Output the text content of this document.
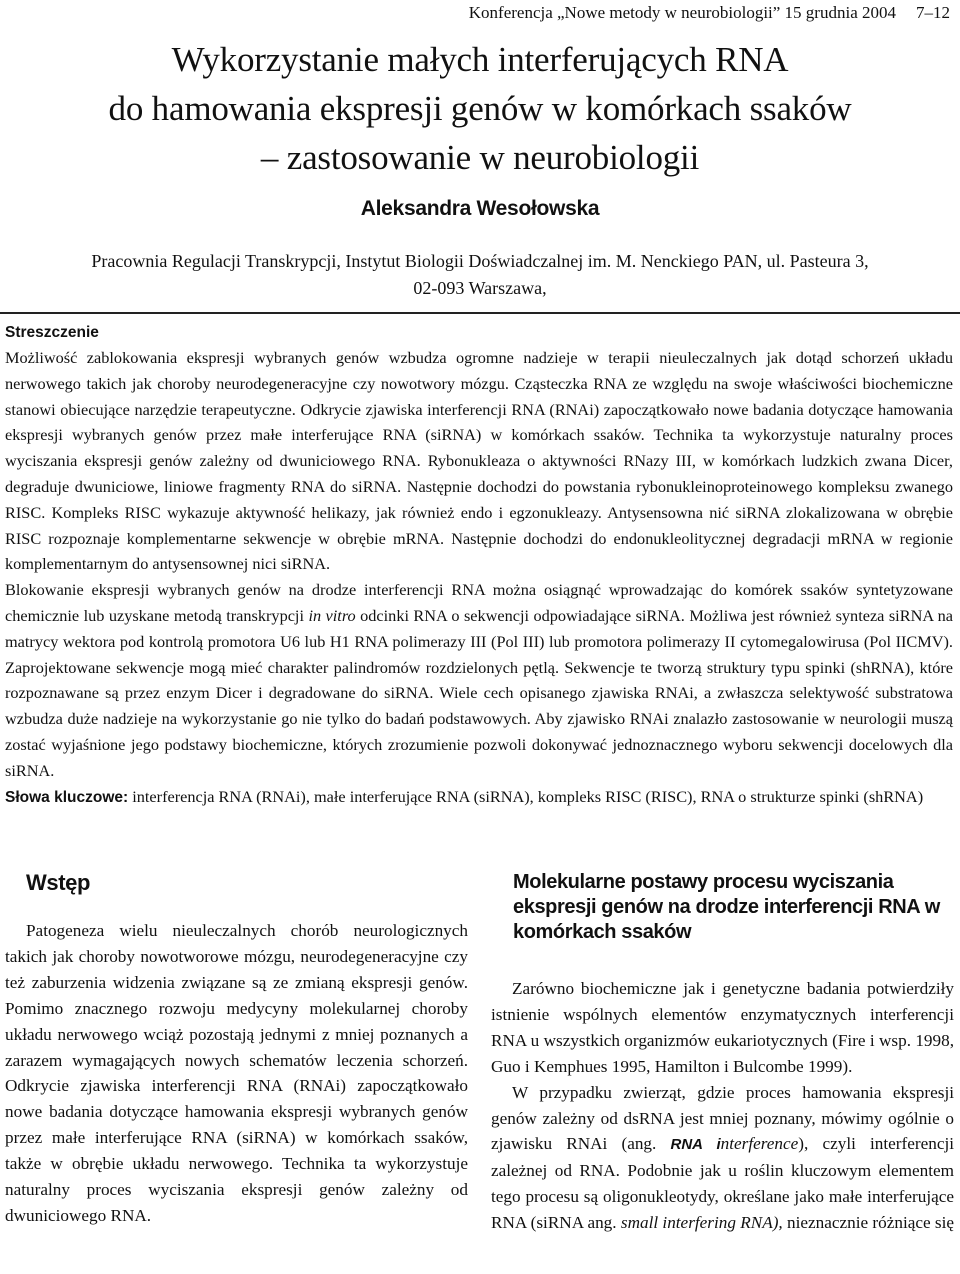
Konferencja „Nowe metody w neurobiologii” 15 grudnia 2004 7–12
Wykorzystanie małych interferujących RNA
do hamowania ekspresji genów w komórkach ssaków
– zastosowanie w neurobiologii
Aleksandra Wesołowska
Pracownia Regulacji Transkrypcji, Instytut Biologii Doświadczalnej im. M. Nenckiego PAN, ul. Pasteura 3,
02-093 Warszawa,
Streszczenie

Możliwość zablokowania ekspresji wybranych genów wzbudza ogromne nadzieje w terapii nieuleczalnych jak dotąd schorzeń układu nerwowego takich jak choroby neurodegeneracyjne czy nowotwory mózgu. Cząsteczka RNA ze względu na swoje właściwości biochemiczne stanowi obiecujące narzędzie terapeutyczne. Odkrycie zjawiska interferencji RNA (RNAi) zapoczątkowało nowe badania dotyczące hamowania ekspresji wybranych genów przez małe interferujące RNA (siRNA) w komórkach ssaków. Technika ta wykorzystuje naturalny proces wyciszania ekspresji genów zależny od dwuniciowego RNA. Rybonukleaza o aktywności RNazy III, w komórkach ludzkich zwana Dicer, degraduje dwuniciowe, liniowe fragmenty RNA do siRNA. Następnie dochodzi do powstania rybonukleinoproteinowego kompleksu zwanego RISC. Kompleks RISC wykazuje aktywność helikazy, jak również endo i egzonukleazy. Antysensowna nić siRNA zlokalizowana w obrębie RISC rozpoznaje komplementarne sekwencje w obrębie mRNA. Następnie dochodzi do endonukleolitycznej degradacji mRNA w regionie komplementarnym do antysensownej nici siRNA.

Blokowanie ekspresji wybranych genów na drodze interferencji RNA można osiągnąć wprowadzając do komórek ssaków syntetyzowane chemicznie lub uzyskane metodą transkrypcji in vitro odcinki RNA o sekwencji odpowiadające siRNA. Możliwa jest również synteza siRNA na matrycy wektora pod kontrolą promotora U6 lub H1 RNA polimerazy III (Pol III) lub promotora polimerazy II cytomegalowirusa (Pol IICMV). Zaprojektowane sekwencje mogą mieć charakter palindromów rozdzielonych pętlą. Sekwencje te tworzą struktury typu spinki (shRNA), które rozpoznawane są przez enzym Dicer i degradowane do siRNA. Wiele cech opisanego zjawiska RNAi, a zwłaszcza selektywość substratowa wzbudza duże nadzieje na wykorzystanie go nie tylko do badań podstawowych. Aby zjawisko RNAi znalazło zastosowanie w neurologii muszą zostać wyjaśnione jego podstawy biochemiczne, których zrozumienie pozwoli dokonywać jednoznacznego wyboru sekwencji docelowych dla siRNA.

Słowa kluczowe: interferencja RNA (RNAi), małe interferujące RNA (siRNA), kompleks RISC (RISC), RNA o strukturze spinki (shRNA)

Wstęp

Patogeneza wielu nieuleczalnych chorób neurologicznych takich jak choroby nowotworowe mózgu, neurodegeneracyjne czy też zaburzenia widzenia związane są ze zmianą ekspresji genów. Pomimo znacznego rozwoju medycyny molekularnej choroby układu nerwowego wciąż pozostają jednymi z mniej poznanych a zarazem wymagających nowych schematów leczenia schorzeń. Odkrycie zjawiska interferencji RNA (RNAi) zapoczątkowało nowe badania dotyczące hamowania ekspresji wybranych genów przez małe interferujące RNA (siRNA) w komórkach ssaków, także w obrębie układu nerwowego. Technika ta wykorzystuje naturalny proces wyciszania ekspresji genów zależny od dwuniciowego RNA.

Molekularne postawy procesu wyciszania ekspresji genów na drodze interferencji RNA w komórkach ssaków

Zarówno biochemiczne jak i genetyczne badania potwierdziły istnienie wspólnych elementów enzymatycznych interferencji RNA u wszystkich organizmów eukariotycznych (Fire i wsp. 1998, Guo i Kemphues 1995, Hamilton i Bulcombe 1999).

W przypadku zwierząt, gdzie proces hamowania ekspresji genów zależny od dsRNA jest mniej poznany, mówimy ogólnie o zjawisku RNAi (ang. RNA interference), czyli interferencji zależnej od RNA. Podobnie jak u roślin kluczowym elementem tego procesu są oligonukleotydy, określane jako małe interferujące RNA (siRNA ang. small interfering RNA), nieznacznie różniące się
